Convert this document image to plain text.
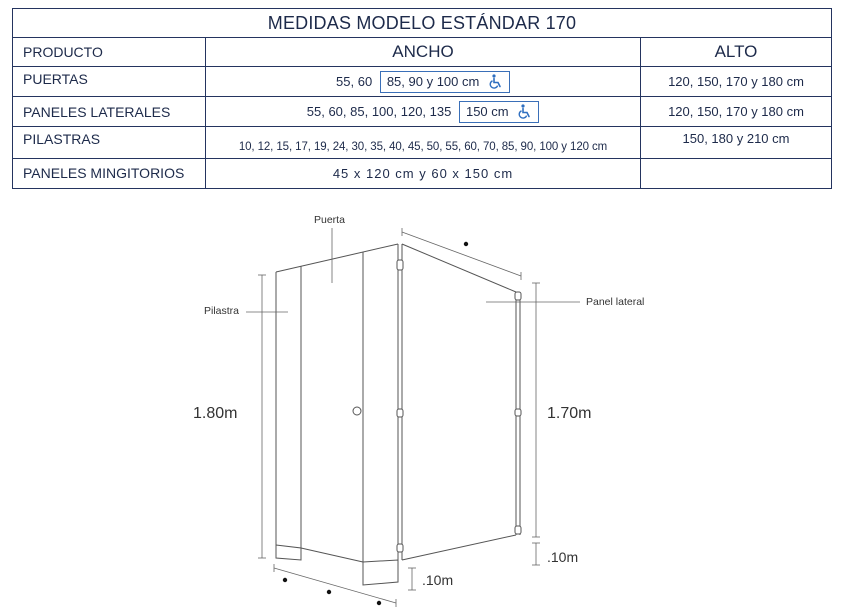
MEDIDAS MODELO ESTÁNDAR 170		
PRODUCTO	ANCHO	ALTO
PUERTAS	55, 60 85, 90 y 100 cm	120, 150, 170 y 180 cm
PANELES LATERALES	55, 60, 85, 100, 120, 135 150 cm	120, 150, 170 y 180 cm
PILASTRAS	10, 12, 15, 17, 19, 24, 30, 35, 40, 45, 50, 55, 60, 70, 85, 90, 100 y 120 cm	150, 180 y 210 cm
PANELES MINGITORIOS	45 x 120 cm y 60 x 150 cm	
Puerta
Pilastra
Panel lateral
1.80m	1.70m
.10m
.10m
